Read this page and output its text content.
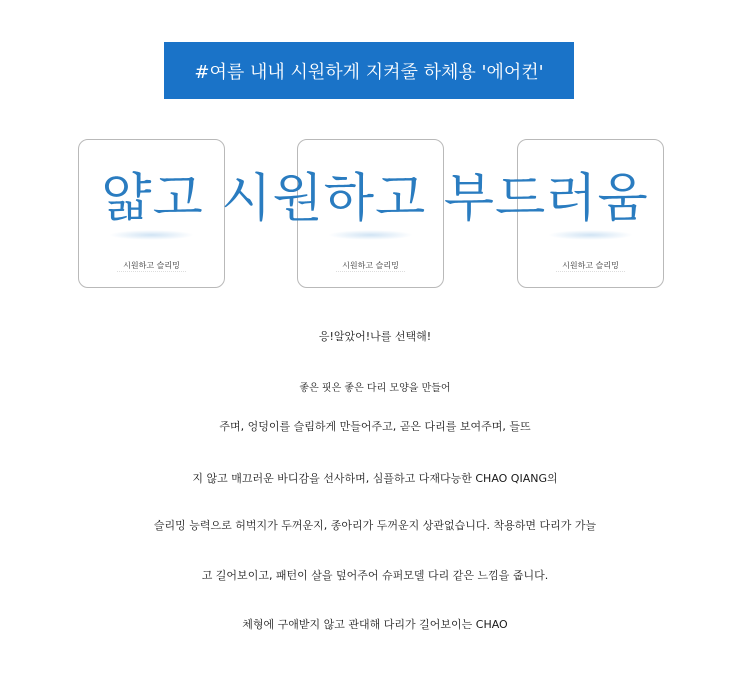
#여름 내내 시원하게 지켜줄 하체용 '에어컨'
시원하고 슬리밍	시원하고 슬리밍	시원하고 슬리밍
얇고 시원하고 부드러움
응!알았어!나를 선택해!
좋은 핏은 좋은 다리 모양을 만들어
주며, 엉덩이를 슬림하게 만들어주고, 곧은 다리를 보여주며, 들뜨
지 않고 매끄러운 바디감을 선사하며, 심플하고 다재다능한 CHAO QIANG의
슬리밍 능력으로 허벅지가 두꺼운지, 종아리가 두꺼운지 상관없습니다. 착용하면 다리가 가늘
고 길어보이고, 패턴이 살을 덮어주어 슈퍼모델 다리 같은 느낌을 줍니다.
체형에 구애받지 않고 관대해 다리가 길어보이는 CHAO
